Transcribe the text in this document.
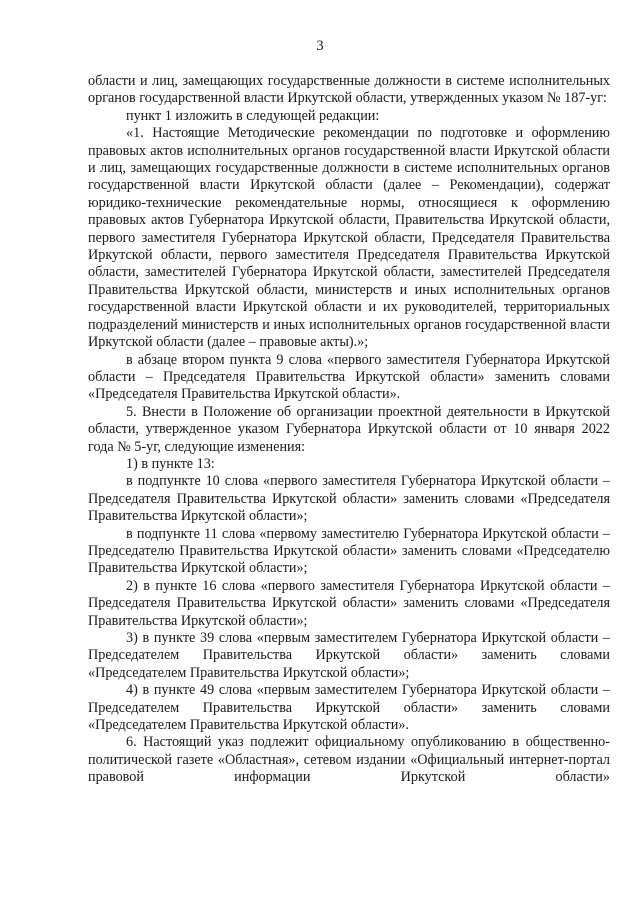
3

области и лиц, замещающих государственные должности в системе исполнительных органов государственной власти Иркутской области, утвержденных указом № 187-уг:

пункт 1 изложить в следующей редакции:

«1. Настоящие Методические рекомендации по подготовке и оформлению правовых актов исполнительных органов государственной власти Иркутской области и лиц, замещающих государственные должности в системе исполнительных органов государственной власти Иркутской области (далее – Рекомендации), содержат юридико-технические рекомендательные нормы, относящиеся к оформлению правовых актов Губернатора Иркутской области, Правительства Иркутской области, первого заместителя Губернатора Иркутской области, Председателя Правительства Иркутской области, первого заместителя Председателя Правительства Иркутской области, заместителей Губернатора Иркутской области, заместителей Председателя Правительства Иркутской области, министерств и иных исполнительных органов государственной власти Иркутской области и их руководителей, территориальных подразделений министерств и иных исполнительных органов государственной власти Иркутской области (далее – правовые акты).»;

в абзаце втором пункта 9 слова «первого заместителя Губернатора Иркутской области – Председателя Правительства Иркутской области» заменить словами «Председателя Правительства Иркутской области».

5. Внести в Положение об организации проектной деятельности в Иркутской области, утвержденное указом Губернатора Иркутской области от 10 января 2022 года № 5-уг, следующие изменения:

1) в пункте 13:

в подпункте 10 слова «первого заместителя Губернатора Иркутской области – Председателя Правительства Иркутской области» заменить словами «Председателя Правительства Иркутской области»;

в подпункте 11 слова «первому заместителю Губернатора Иркутской области – Председателю Правительства Иркутской области» заменить словами «Председателю Правительства Иркутской области»;

2) в пункте 16 слова «первого заместителя Губернатора Иркутской области – Председателя Правительства Иркутской области» заменить словами «Председателя Правительства Иркутской области»;

3) в пункте 39 слова «первым заместителем Губернатора Иркутской области – Председателем Правительства Иркутской области» заменить словами «Председателем Правительства Иркутской области»;

4) в пункте 49 слова «первым заместителем Губернатора Иркутской области – Председателем Правительства Иркутской области» заменить словами «Председателем Правительства Иркутской области».

6. Настоящий указ подлежит официальному опубликованию в общественно-политической газете «Областная», сетевом издании «Официальный интернет-портал правовой информации Иркутской области»
